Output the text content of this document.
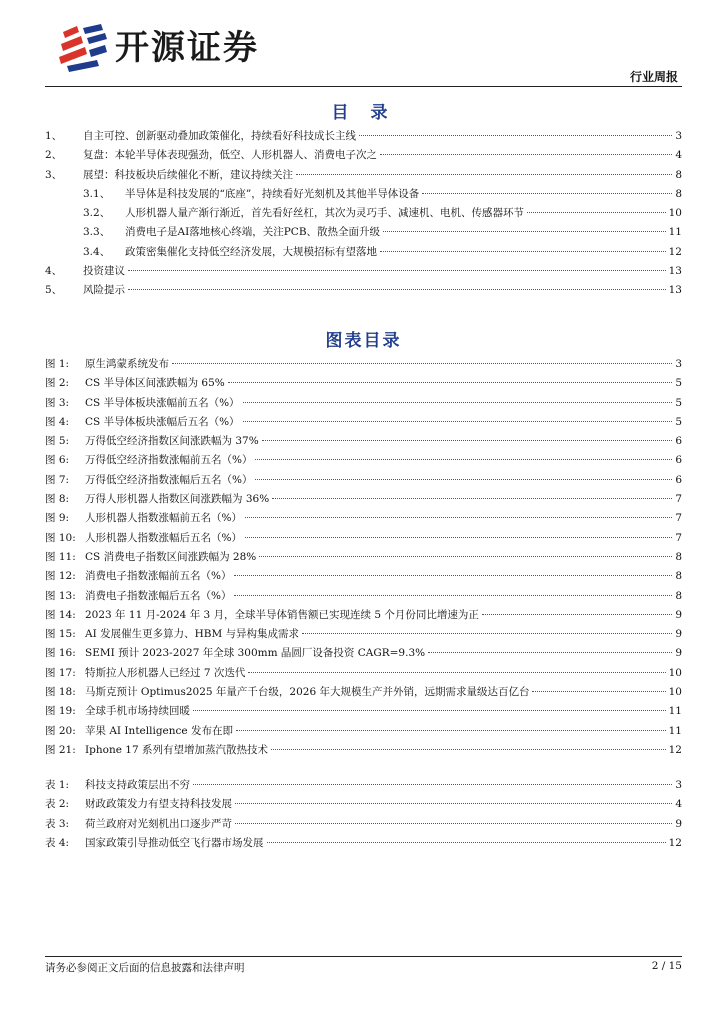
开源证券
行业周报
目 录
1、	自主可控、创新驱动叠加政策催化，持续看好科技成长主线	3
2、	复盘：本轮半导体表现强劲，低空、人形机器人、消费电子次之	4
3、	展望：科技板块后续催化不断，建议持续关注	8
3.1、	半导体是科技发展的“底座”，持续看好光刻机及其他半导体设备	8
3.2、	人形机器人量产渐行渐近，首先看好丝杠，其次为灵巧手、减速机、电机、传感器环节	10
3.3、	消费电子是AI落地核心终端，关注PCB、散热全面升级	11
3.4、	政策密集催化支持低空经济发展，大规模招标有望落地	12
4、	投资建议	13
5、	风险提示	13
图表目录
图 1:	原生鸿蒙系统发布	3
图 2:	CS 半导体区间涨跌幅为 65%	5
图 3:	CS 半导体板块涨幅前五名（%）	5
图 4:	CS 半导体板块涨幅后五名（%）	5
图 5:	万得低空经济指数区间涨跌幅为 37%	6
图 6:	万得低空经济指数涨幅前五名（%）	6
图 7:	万得低空经济指数涨幅后五名（%）	6
图 8:	万得人形机器人指数区间涨跌幅为 36%	7
图 9:	人形机器人指数涨幅前五名（%）	7
图 10: 人形机器人指数涨幅后五名（%）	7
图 11: CS 消费电子指数区间涨跌幅为 28%	8
图 12: 消费电子指数涨幅前五名（%）	8
图 13: 消费电子指数涨幅后五名（%）	8
图 14: 2023 年 11 月-2024 年 3 月，全球半导体销售额已实现连续 5 个月份同比增速为正	9
图 15: AI 发展催生更多算力、HBM 与异构集成需求	9
图 16: SEMI 预计 2023-2027 年全球 300mm 晶圆厂设备投资 CAGR=9.3%	9
图 17: 特斯拉人形机器人已经过 7 次迭代	10
图 18: 马斯克预计 Optimus2025 年量产千台级，2026 年大规模生产并外销，远期需求量级达百亿台	10
图 19: 全球手机市场持续回暖	11
图 20: 苹果 AI Intelligence 发布在即	11
图 21: Iphone 17 系列有望增加蒸汽散热技术	12
表 1:	科技支持政策层出不穷	3
表 2:	财政政策发力有望支持科技发展	4
表 3:	荷兰政府对光刻机出口逐步严苛	9
表 4:	国家政策引导推动低空飞行器市场发展	12
请务必参阅正文后面的信息披露和法律声明	2 / 15
